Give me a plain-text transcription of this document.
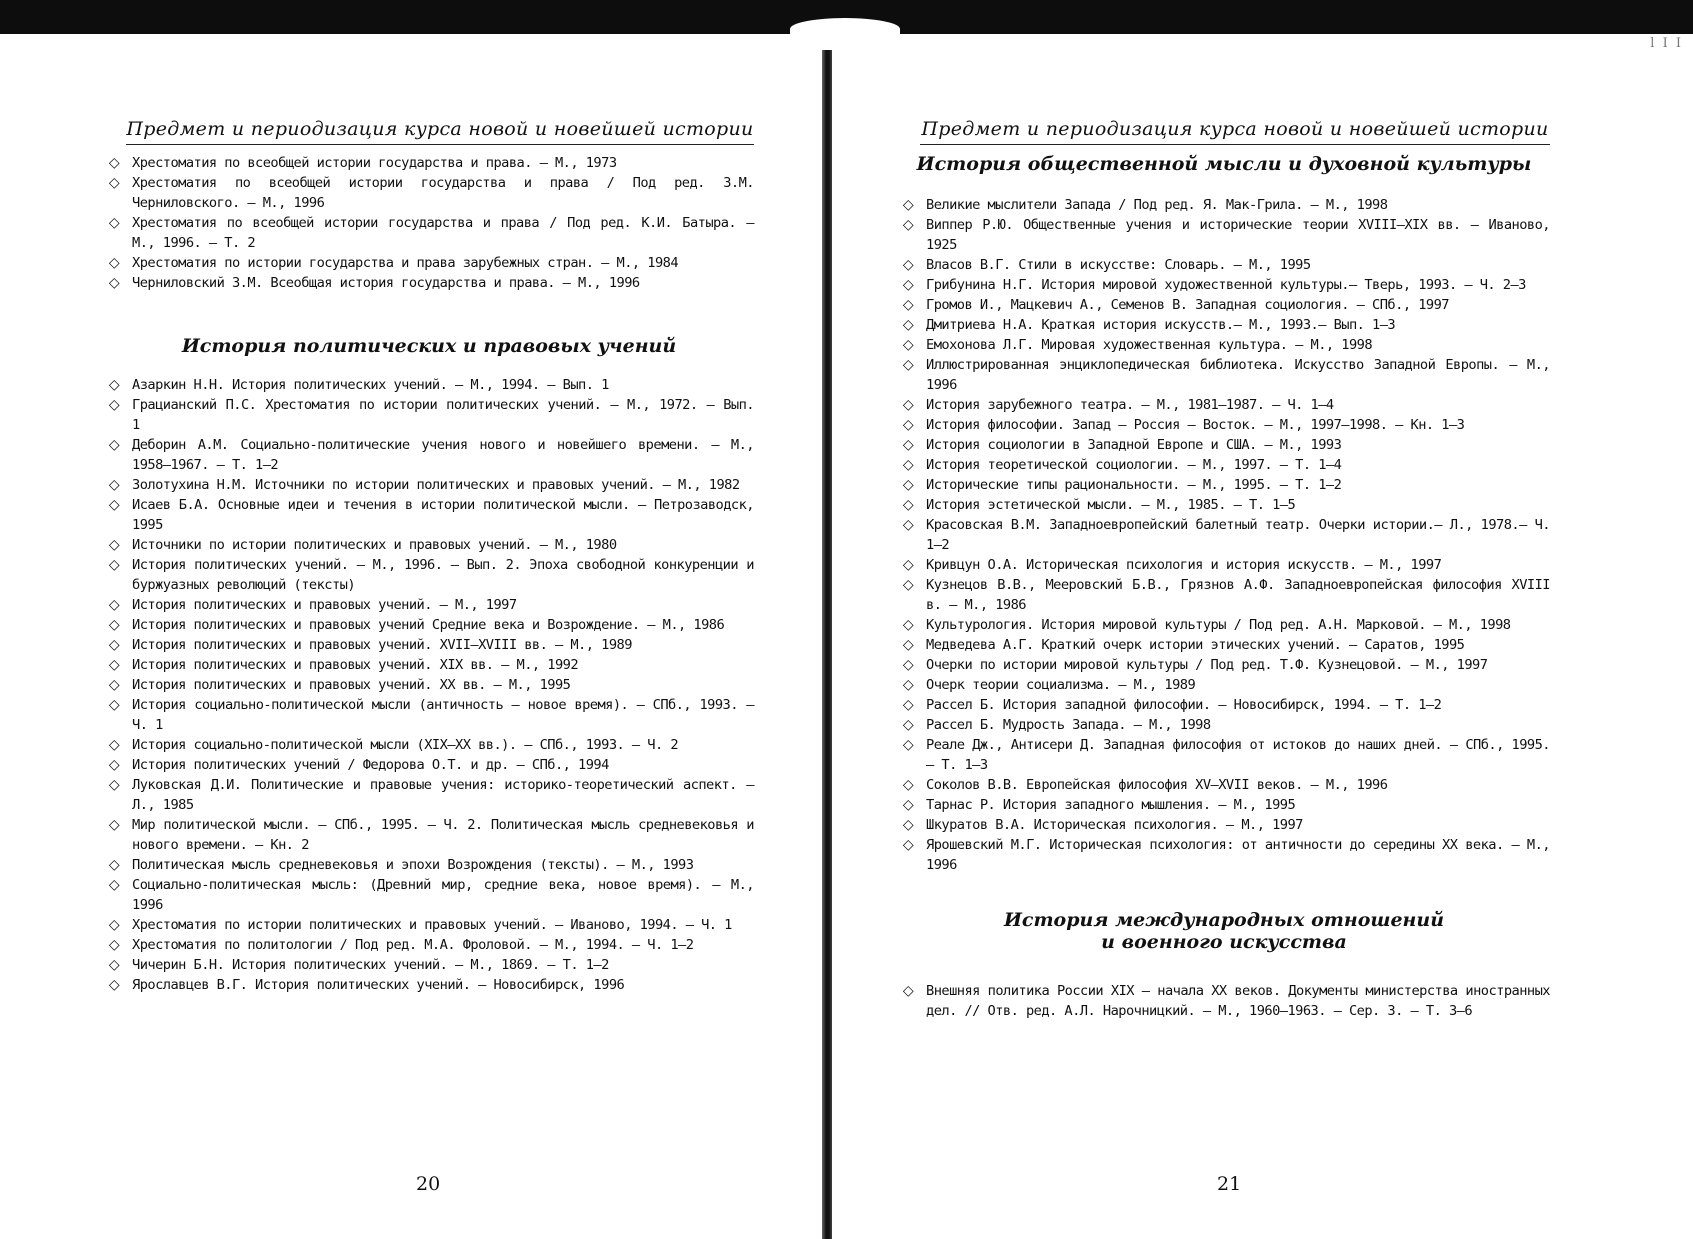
l I I
Предмет и периодизация курса новой и новейшей истории
◇ Хрестоматия по всеобщей истории государства и права. – М., 1973
◇ Хрестоматия по всеобщей истории государства и права / Под ред. З.М. Черниловского. – М., 1996
◇ Хрестоматия по всеобщей истории государства и права / Под ред. К.И. Батыра. – М., 1996. – Т. 2
◇ Хрестоматия по истории государства и права зарубежных стран. – М., 1984
◇ Черниловский З.М. Всеобщая история государства и права. – М., 1996
История политических и правовых учений
◇ Азаркин Н.Н. История политических учений. – М., 1994. – Вып. 1
◇ Грацианский П.С. Хрестоматия по истории политических учений. – М., 1972. – Вып. 1
◇ Деборин А.М. Социально-политические учения нового и новейшего времени. – М., 1958–1967. – Т. 1–2
◇ Золотухина Н.М. Источники по истории политических и правовых учений. – М., 1982
◇ Исаев Б.А. Основные идеи и течения в истории политической мысли. – Петрозаводск, 1995
◇ Источники по истории политических и правовых учений. – М., 1980
◇ История политических учений. – М., 1996. – Вып. 2. Эпоха свободной конкуренции и буржуазных революций (тексты)
◇ История политических и правовых учений. – М., 1997
◇ История политических и правовых учений Средние века и Возрождение. – М., 1986
◇ История политических и правовых учений. XVII–XVIII вв. – М., 1989
◇ История политических и правовых учений. XIX вв. – М., 1992
◇ История политических и правовых учений. XX вв. – М., 1995
◇ История социально-политической мысли (античность – новое время). – СПб., 1993. – Ч. 1
◇ История социально-политической мысли (XIX–XX вв.). – СПб., 1993. – Ч. 2
◇ История политических учений / Федорова О.Т. и др. – СПб., 1994
◇ Луковская Д.И. Политические и правовые учения: историко-теоретический аспект. – Л., 1985
◇ Мир политической мысли. – СПб., 1995. – Ч. 2. Политическая мысль средневековья и нового времени. – Кн. 2
◇ Политическая мысль средневековья и эпохи Возрождения (тексты). – М., 1993
◇ Социально-политическая мысль: (Древний мир, средние века, новое время). – М., 1996
◇ Хрестоматия по истории политических и правовых учений. – Иваново, 1994. – Ч. 1
◇ Хрестоматия по политологии / Под ред. М.А. Фроловой. – М., 1994. – Ч. 1–2
◇ Чичерин Б.Н. История политических учений. – М., 1869. – Т. 1–2
◇ Ярославцев В.Г. История политических учений. – Новосибирск, 1996
20
Предмет и периодизация курса новой и новейшей истории
История общественной мысли и духовной культуры
◇ Великие мыслители Запада / Под ред. Я. Мак-Грила. – М., 1998
◇ Виппер Р.Ю. Общественные учения и исторические теории XVIII–XIX вв. – Иваново, 1925
◇ Власов В.Г. Стили в искусстве: Словарь. – М., 1995
◇ Грибунина Н.Г. История мировой художественной культуры.– Тверь, 1993. – Ч. 2–3
◇ Громов И., Мацкевич А., Семенов В. Западная социология. – СПб., 1997
◇ Дмитриева Н.А. Краткая история искусств.– М., 1993.– Вып. 1–3
◇ Емохонова Л.Г. Мировая художественная культура. – М., 1998
◇ Иллюстрированная энциклопедическая библиотека. Искусство Западной Европы. – М., 1996
◇ История зарубежного театра. – М., 1981–1987. – Ч. 1–4
◇ История философии. Запад – Россия – Восток. – М., 1997–1998. – Кн. 1–3
◇ История социологии в Западной Европе и США. – М., 1993
◇ История теоретической социологии. – М., 1997. – Т. 1–4
◇ Исторические типы рациональности. – М., 1995. – Т. 1–2
◇ История эстетической мысли. – М., 1985. – Т. 1–5
◇ Красовская В.М. Западноевропейский балетный театр. Очерки истории.– Л., 1978.– Ч. 1–2
◇ Кривцун О.А. Историческая психология и история искусств. – М., 1997
◇ Кузнецов В.В., Мееровский Б.В., Грязнов А.Ф. Западноевропейская философия XVIII в. – М., 1986
◇ Культурология. История мировой культуры / Под ред. А.Н. Марковой. – М., 1998
◇ Медведева А.Г. Краткий очерк истории этических учений. – Саратов, 1995
◇ Очерки по истории мировой культуры / Под ред. Т.Ф. Кузнецовой. – М., 1997
◇ Очерк теории социализма. – М., 1989
◇ Рассел Б. История западной философии. – Новосибирск, 1994. – Т. 1–2
◇ Рассел Б. Мудрость Запада. – М., 1998
◇ Реале Дж., Антисери Д. Западная философия от истоков до наших дней. – СПб., 1995. – Т. 1–3
◇ Соколов В.В. Европейская философия XV–XVII веков. – М., 1996
◇ Тарнас Р. История западного мышления. – М., 1995
◇ Шкуратов В.А. Историческая психология. – М., 1997
◇ Ярошевский М.Г. Историческая психология: от античности до середины XX века. – М., 1996
История международных отношений
и военного искусства
◇ Внешняя политика России XIX – начала XX веков. Документы министерства иностранных дел. // Отв. ред. А.Л. Нарочницкий. – М., 1960–1963. – Сер. 3. – Т. 3–6
21
